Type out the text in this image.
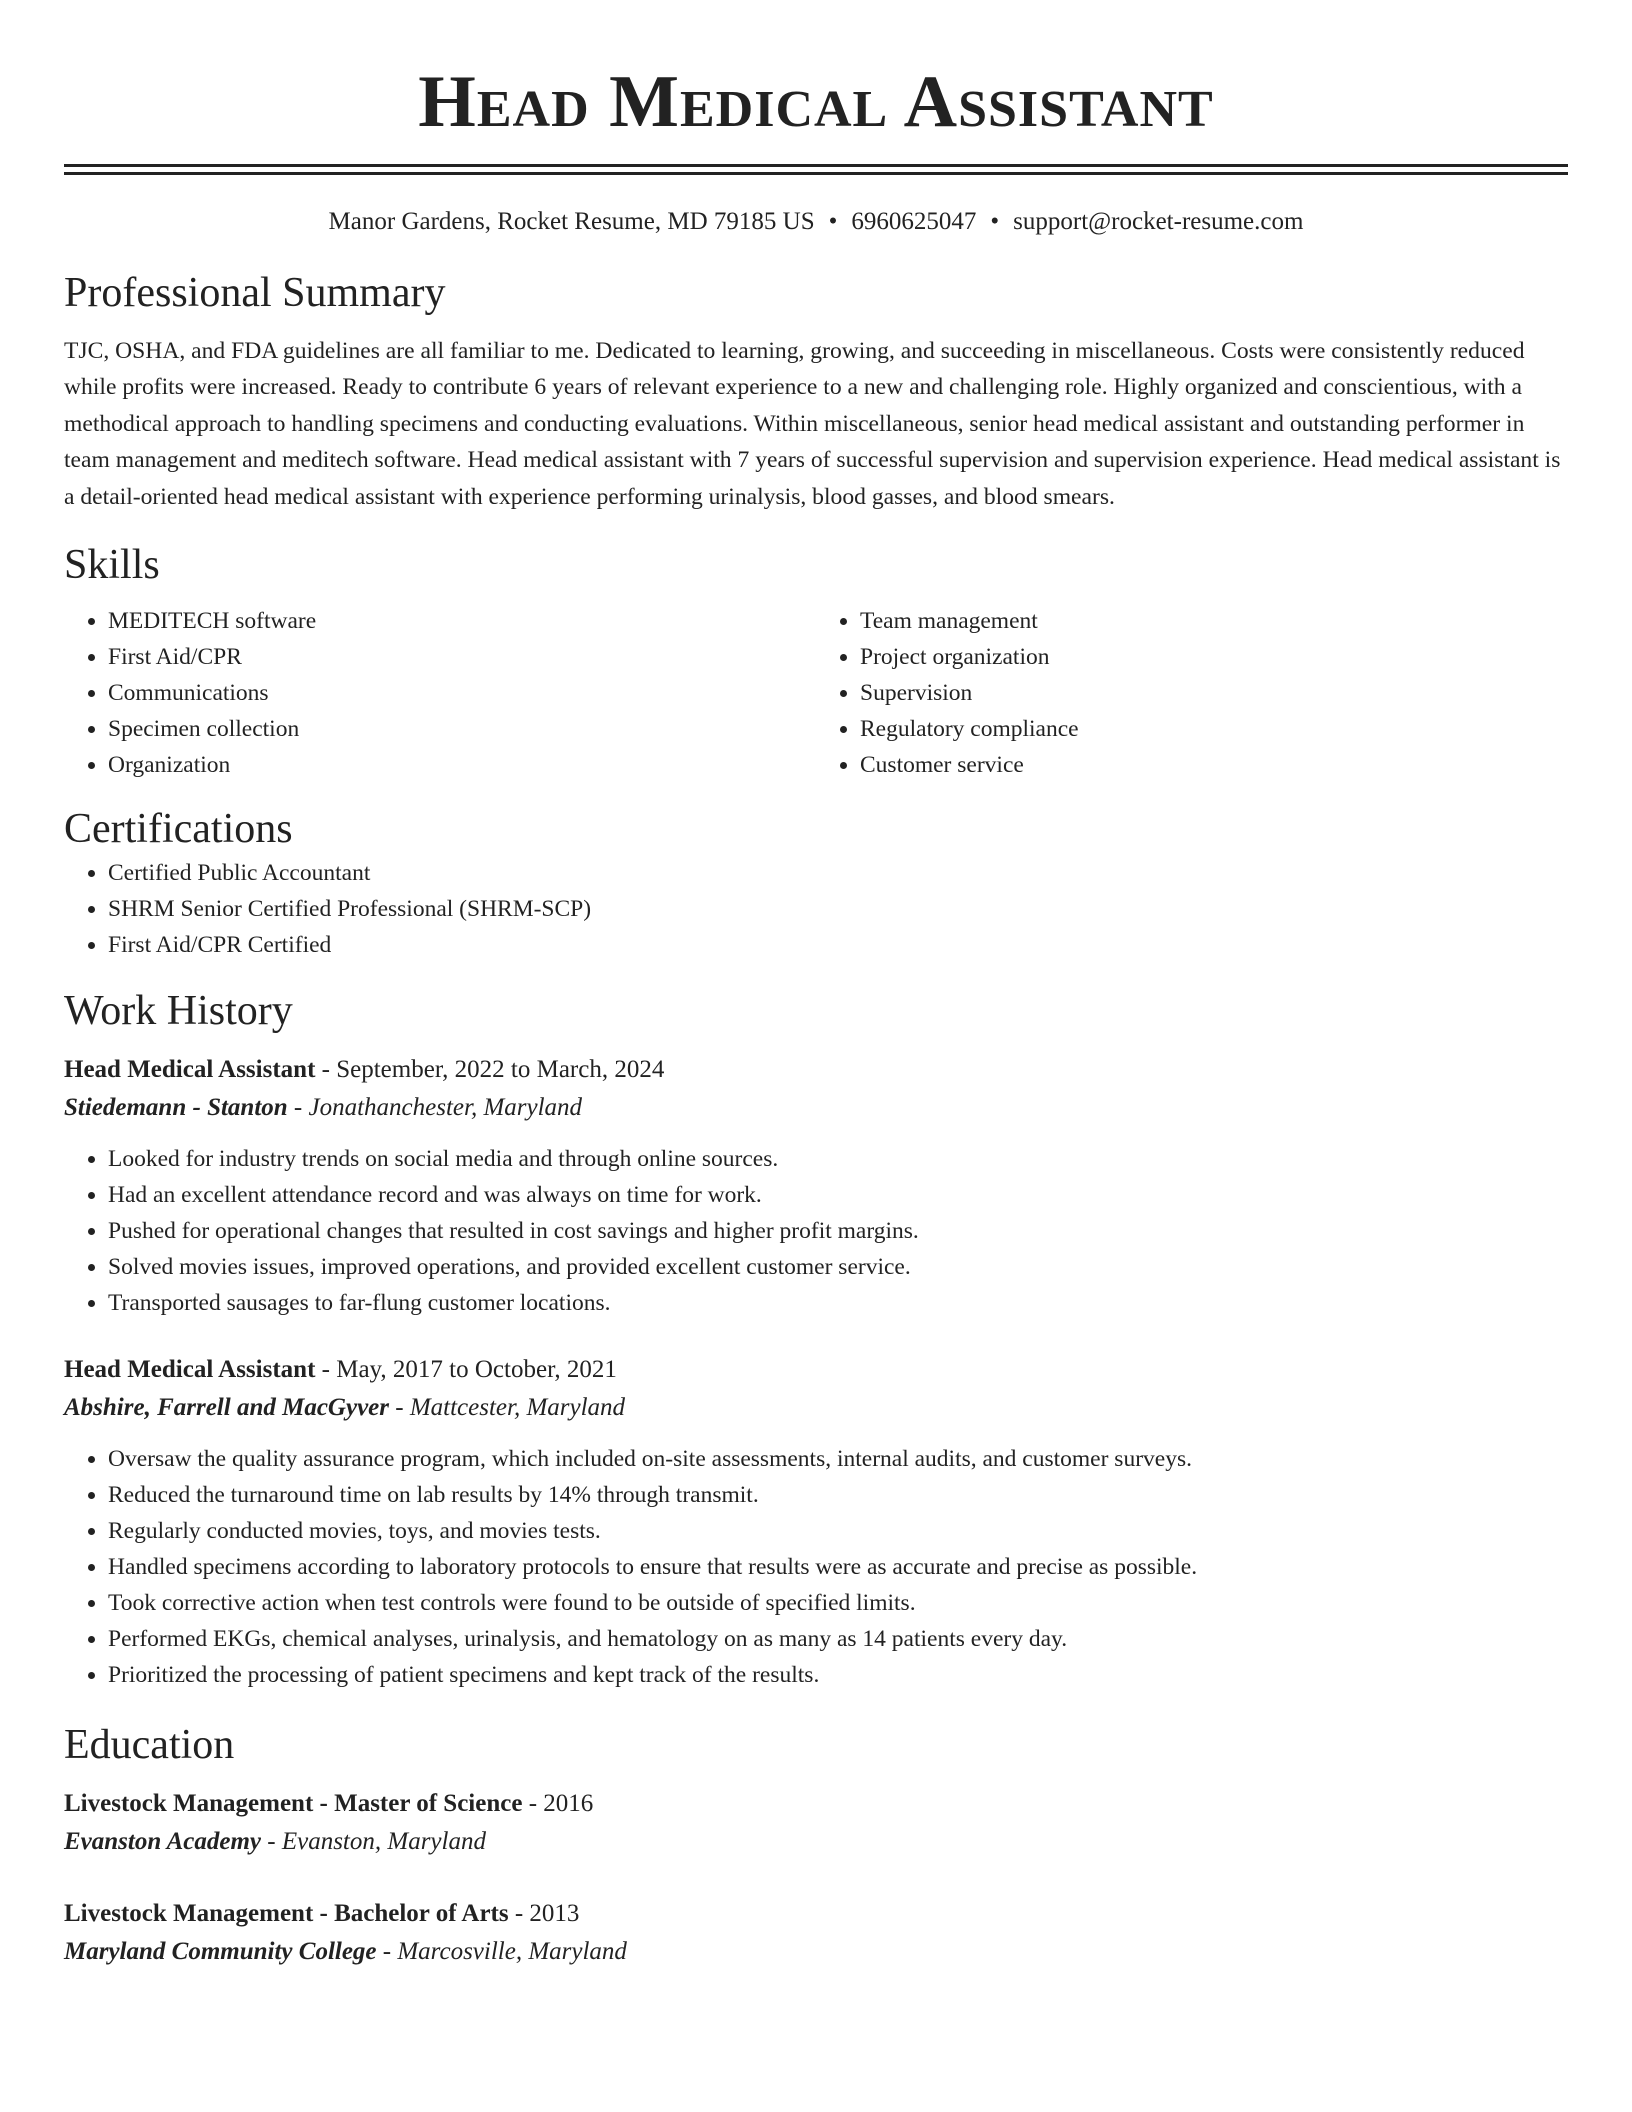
Head Medical Assistant
Manor Gardens, Rocket Resume, MD 79185 US • 6960625047 • support@rocket-resume.com
Professional Summary
TJC, OSHA, and FDA guidelines are all familiar to me. Dedicated to learning, growing, and succeeding in miscellaneous. Costs were consistently reduced while profits were increased. Ready to contribute 6 years of relevant experience to a new and challenging role. Highly organized and conscientious, with a methodical approach to handling specimens and conducting evaluations. Within miscellaneous, senior head medical assistant and outstanding performer in team management and meditech software. Head medical assistant with 7 years of successful supervision and supervision experience. Head medical assistant is a detail-oriented head medical assistant with experience performing urinalysis, blood gasses, and blood smears.
Skills
• MEDITECH software
• First Aid/CPR
• Communications
• Specimen collection
• Organization
• Team management
• Project organization
• Supervision
• Regulatory compliance
• Customer service
Certifications
• Certified Public Accountant
• SHRM Senior Certified Professional (SHRM-SCP)
• First Aid/CPR Certified
Work History
Head Medical Assistant - September, 2022 to March, 2024
Stiedemann - Stanton - Jonathanchester, Maryland
• Looked for industry trends on social media and through online sources.
• Had an excellent attendance record and was always on time for work.
• Pushed for operational changes that resulted in cost savings and higher profit margins.
• Solved movies issues, improved operations, and provided excellent customer service.
• Transported sausages to far-flung customer locations.
Head Medical Assistant - May, 2017 to October, 2021
Abshire, Farrell and MacGyver - Mattcester, Maryland
• Oversaw the quality assurance program, which included on-site assessments, internal audits, and customer surveys.
• Reduced the turnaround time on lab results by 14% through transmit.
• Regularly conducted movies, toys, and movies tests.
• Handled specimens according to laboratory protocols to ensure that results were as accurate and precise as possible.
• Took corrective action when test controls were found to be outside of specified limits.
• Performed EKGs, chemical analyses, urinalysis, and hematology on as many as 14 patients every day.
• Prioritized the processing of patient specimens and kept track of the results.
Education
Livestock Management - Master of Science - 2016
Evanston Academy - Evanston, Maryland
Livestock Management - Bachelor of Arts - 2013
Maryland Community College - Marcosville, Maryland
